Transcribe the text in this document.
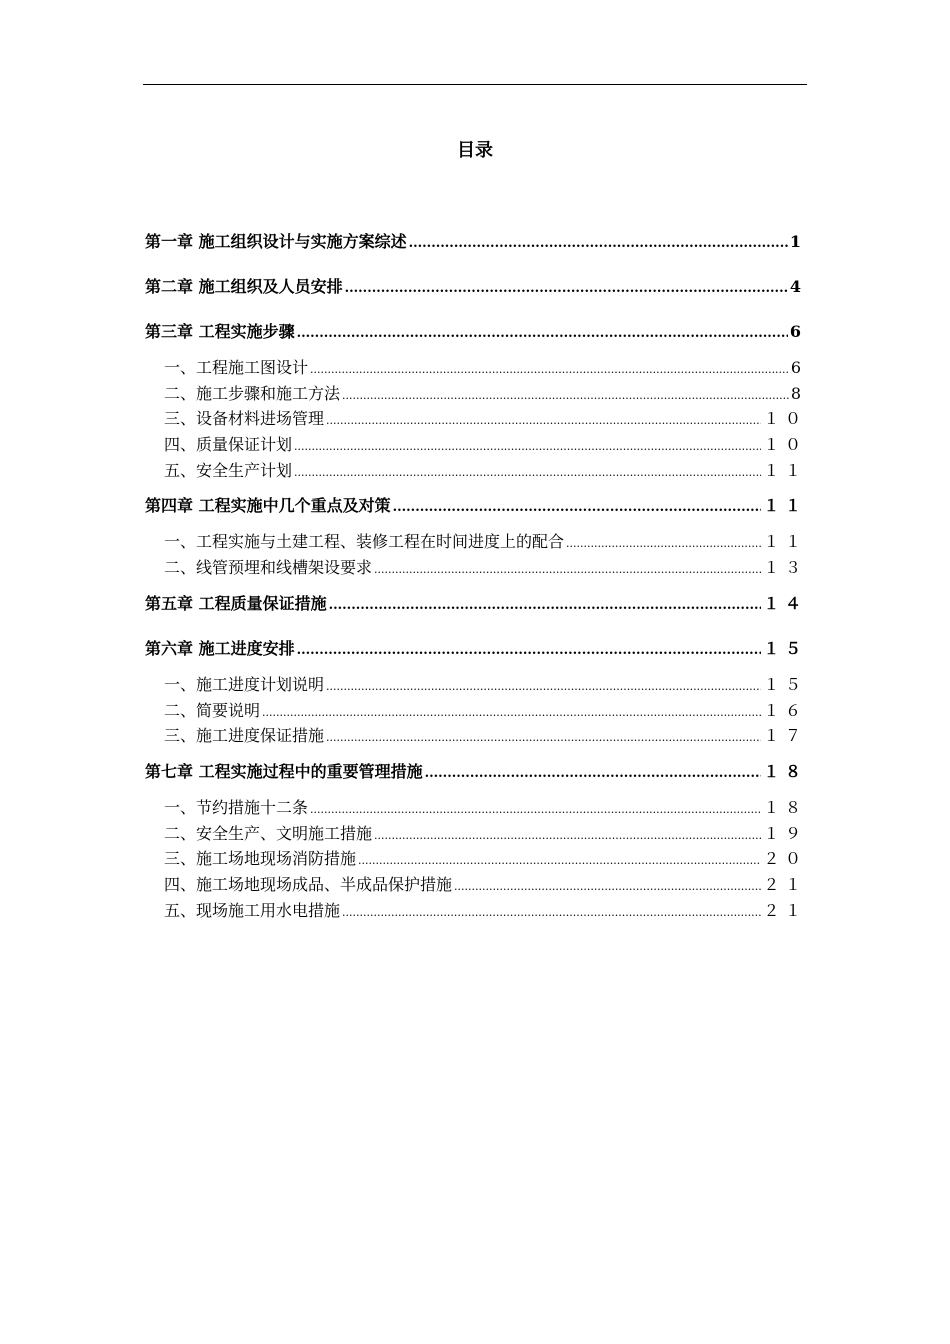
目录
第一章 施工组织设计与实施方案综述 .....	1
第二章 施工组织及人员安排 .....	4
第三章 工程实施步骤 .....	6
一、工程施工图设计 .....	6
二、施工步骤和施工方法 .....	8
三、设备材料进场管理 .....	１０
四、质量保证计划 .....	１０
五、安全生产计划 .....	１１
第四章 工程实施中几个重点及对策 .....	１１
一、工程实施与土建工程、装修工程在时间进度上的配合 .....	１１
二、线管预埋和线槽架设要求 .....	１３
第五章 工程质量保证措施 .....	１４
第六章 施工进度安排 .....	１５
一、施工进度计划说明 .....	１５
二、简要说明 .....	１６
三、施工进度保证措施 .....	１７
第七章 工程实施过程中的重要管理措施 .....	１８
一、节约措施十二条 .....	１８
二、安全生产、文明施工措施 .....	１９
三、施工场地现场消防措施 .....	２０
四、施工场地现场成品、半成品保护措施 .....	２１
五、现场施工用水电措施 .....	２１
